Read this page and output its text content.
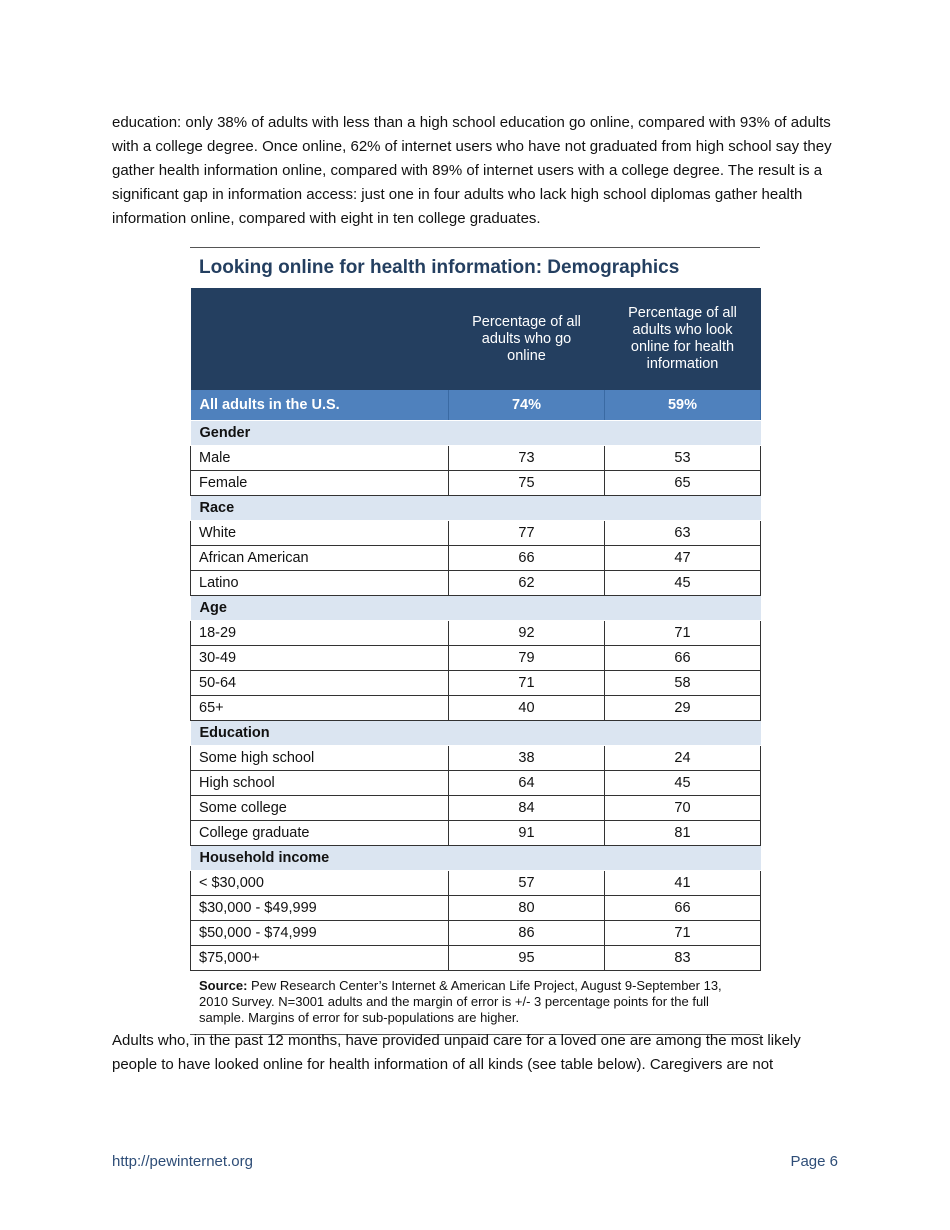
education: only 38% of adults with less than a high school education go online, compared with 93% of adults with a college degree. Once online, 62% of internet users who have not graduated from high school say they gather health information online, compared with 89% of internet users with a college degree. The result is a significant gap in information access: just one in four adults who lack high school diplomas gather health information online, compared with eight in ten college graduates.

Looking online for health information: Demographics
	Percentage of all adults who go online	Percentage of all adults who look online for health information
All adults in the U.S.	74%	59%
Gender		
Male	73	53
Female	75	65
Race		
White	77	63
African American	66	47
Latino	62	45
Age		
18-29	92	71
30-49	79	66
50-64	71	58
65+	40	29
Education		
Some high school	38	24
High school	64	45
Some college	84	70
College graduate	91	81
Household income		
< $30,000	57	41
$30,000 - $49,999	80	66
$50,000 - $74,999	86	71
$75,000+	95	83
Source: Pew Research Center’s Internet & American Life Project, August 9-September 13, 2010 Survey. N=3001 adults and the margin of error is +/- 3 percentage points for the full sample. Margins of error for sub-populations are higher.

Adults who, in the past 12 months, have provided unpaid care for a loved one are among the most likely people to have looked online for health information of all kinds (see table below). Caregivers are not

http://pewinternet.org	Page 6
